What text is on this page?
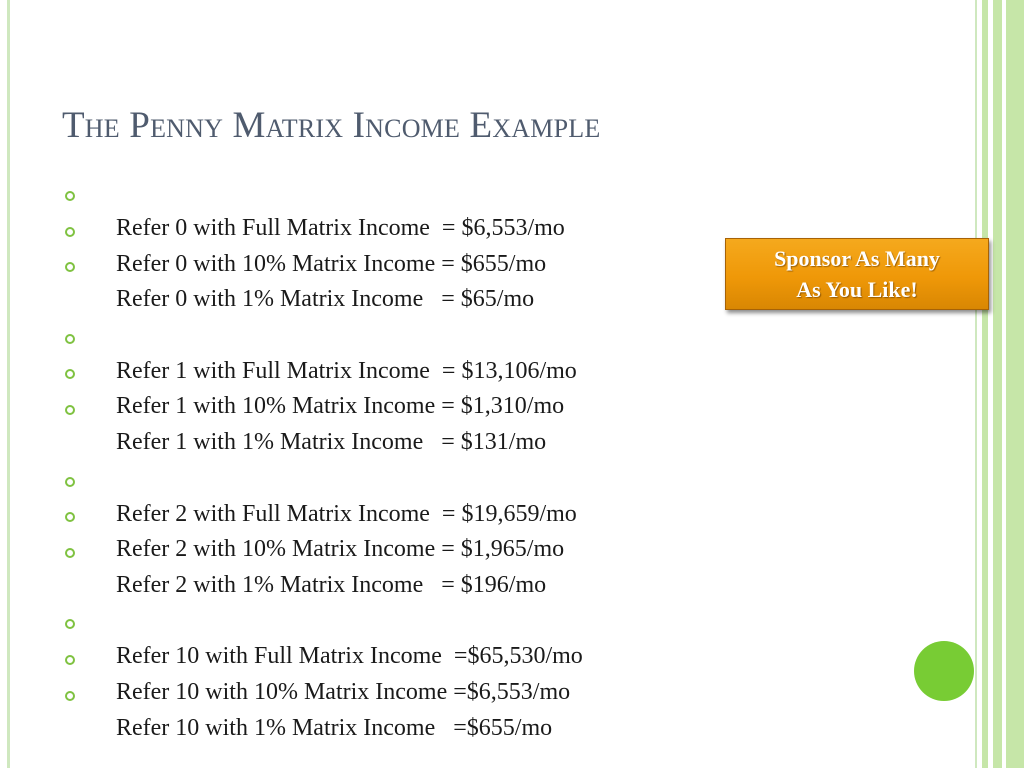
The Penny Matrix Income Example

Refer 0 with Full Matrix Income  = $6,553/mo

Refer 0 with 10% Matrix Income = $655/mo

Refer 0 with 1% Matrix Income   = $65/mo

Refer 1 with Full Matrix Income  = $13,106/mo

Refer 1 with 10% Matrix Income = $1,310/mo

Refer 1 with 1% Matrix Income   = $131/mo

Refer 2 with Full Matrix Income  = $19,659/mo

Refer 2 with 10% Matrix Income = $1,965/mo

Refer 2 with 1% Matrix Income   = $196/mo

Refer 10 with Full Matrix Income  =$65,530/mo

Refer 10 with 10% Matrix Income =$6,553/mo

Refer 10 with 1% Matrix Income   =$655/mo

Sponsor As Many
As You Like!
